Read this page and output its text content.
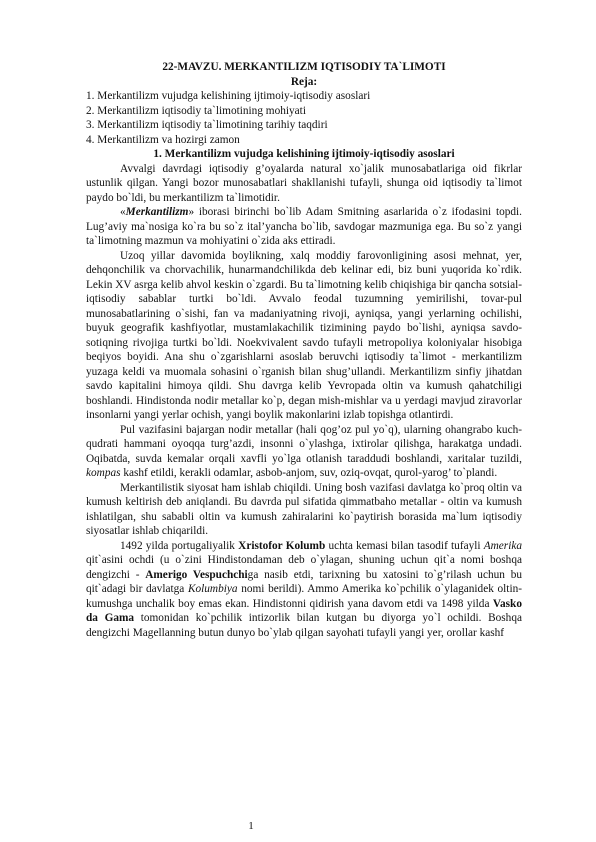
22-MAVZU. MERKANTILIZM IQTISODIY TA`LIMOTI

Reja:

1. Merkantilizm vujudga kelishining ijtimoiy-iqtisodiy asoslari
2. Merkantilizm iqtisodiy ta`limotining mohiyati
3. Merkantilizm iqtisodiy ta`limotining tarihiy taqdiri
4. Merkantilizm va hozirgi zamon

1. Merkantilizm vujudga kelishining ijtimoiy-iqtisodiy asoslari

Avvalgi davrdagi iqtisodiy g’oyalarda natural xo`jalik munosabatlariga oid fikrlar ustunlik qilgan. Yangi bozor munosabatlari shakllanishi tufayli, shunga oid iqtisodiy ta`limot paydo bo`ldi, bu merkantilizm ta`limotidir.

«Merkantilizm» iborasi birinchi bo`lib Adam Smitning asarlarida o`z ifodasini topdi. Lug’aviy ma`nosiga ko`ra bu so`z ital’yancha bo`lib, savdogar mazmuniga ega. Bu so`z yangi ta`limotning mazmun va mohiyatini o`zida aks ettiradi.

Uzoq yillar davomida boylikning, xalq moddiy farovonligining asosi mehnat, yer, dehqonchilik va chorvachilik, hunarmandchilikda deb kelinar edi, biz buni yuqorida ko`rdik. Lekin XV asrga kelib ahvol keskin o`zgardi. Bu ta`limotning kelib chiqishiga bir qancha sotsial-iqtisodiy sabablar turtki bo`ldi. Avvalo feodal tuzumning yemirilishi, tovar-pul munosabatlarining o`sishi, fan va madaniyatning rivoji, ayniqsa, yangi yerlarning ochilishi, buyuk geografik kashfiyotlar, mustamlakachilik tizimining paydo bo`lishi, ayniqsa savdo-sotiqning rivojiga turtki bo`ldi. Noekvivalent savdo tufayli metropoliya koloniyalar hisobiga beqiyos boyidi. Ana shu o`zgarishlarni asoslab beruvchi iqtisodiy ta`limot - merkantilizm yuzaga keldi va muomala sohasini o`rganish bilan shug’ullandi. Merkantilizm sinfiy jihatdan savdo kapitalini himoya qildi. Shu davrga kelib Yevropada oltin va kumush qahatchiligi boshlandi. Hindistonda nodir metallar ko`p, degan mish-mishlar va u yerdagi mavjud ziravorlar insonlarni yangi yerlar ochish, yangi boylik makonlarini izlab topishga otlantirdi.

Pul vazifasini bajargan nodir metallar (hali qog’oz pul yo`q), ularning ohangrabo kuch-qudrati hammani oyoqqa turg’azdi, insonni o`ylashga, ixtirolar qilishga, harakatga undadi. Oqibatda, suvda kemalar orqali xavfli yo`lga otlanish taraddudi boshlandi, xaritalar tuzildi, kompas kashf etildi, kerakli odamlar, asbob-anjom, suv, oziq-ovqat, qurol-yarog’ to`plandi.

Merkantilistik siyosat ham ishlab chiqildi. Uning bosh vazifasi davlatga ko`proq oltin va kumush keltirish deb aniqlandi. Bu davrda pul sifatida qimmatbaho metallar - oltin va kumush ishlatilgan, shu sababli oltin va kumush zahiralarini ko`paytirish borasida ma`lum iqtisodiy siyosatlar ishlab chiqarildi.

1492 yilda portugaliyalik Xristofor Kolumb uchta kemasi bilan tasodif tufayli Amerika qit`asini ochdi (u o`zini Hindistondaman deb o`ylagan, shuning uchun qit`a nomi boshqa dengizchi - Amerigo Vespuchchiga nasib etdi, tarixning bu xatosini to`g’rilash uchun bu qit`adagi bir davlatga Kolumbiya nomi berildi). Ammo Amerika ko`pchilik o`ylaganidek oltin-kumushga unchalik boy emas ekan. Hindistonni qidirish yana davom etdi va 1498 yilda Vasko da Gama tomonidan ko`pchilik intizorlik bilan kutgan bu diyorga yo`l ochildi. Boshqa dengizchi Magellanning butun dunyo bo`ylab qilgan sayohati tufayli yangi yer, orollar kashf

1
